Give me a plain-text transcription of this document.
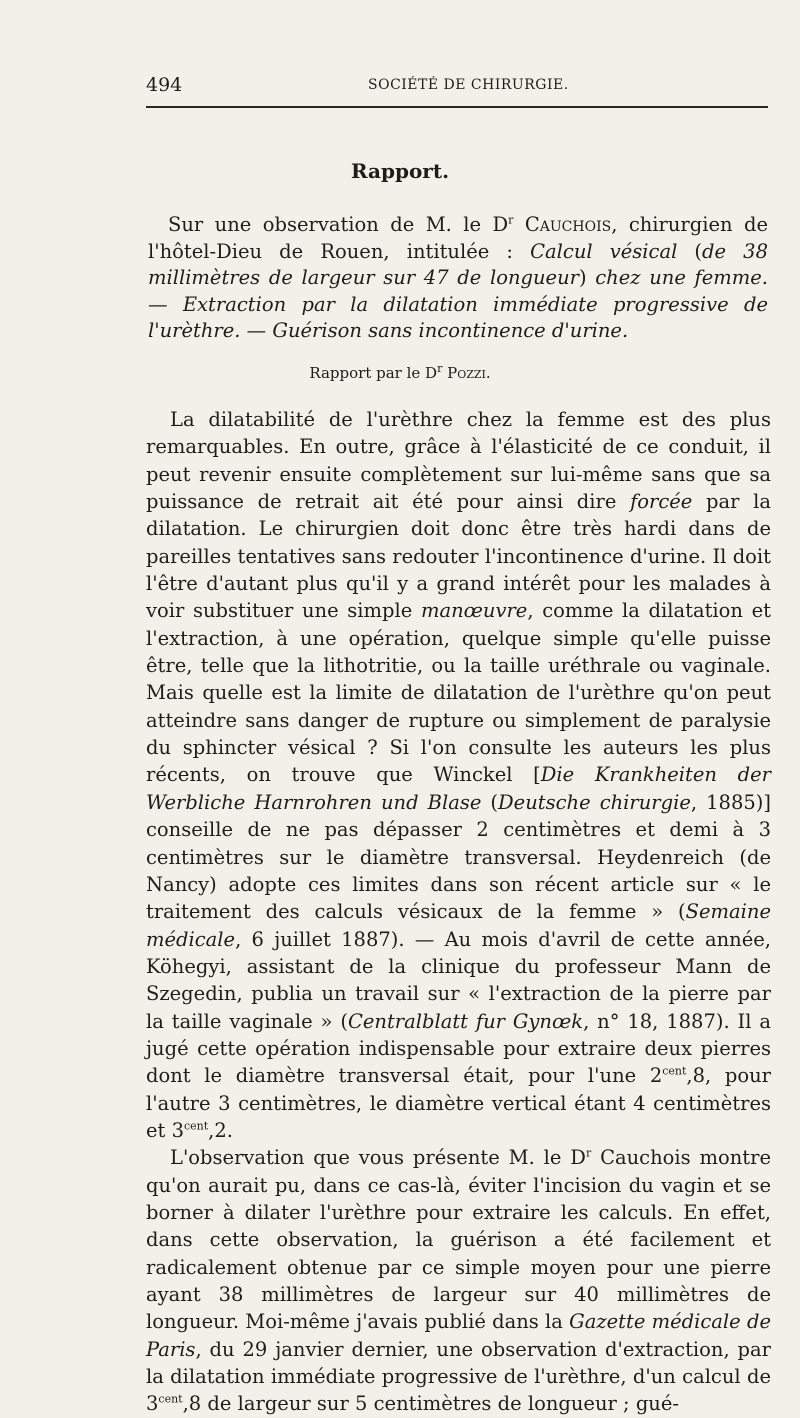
494	SOCIÉTÉ DE CHIRURGIE.
Rapport.
Sur une observation de M. le $D^r$ Cauchois, chirurgien de l'hôtel-Dieu de Rouen, intitulée : Calcul vésical (de 38 millimètres de largeur sur 47 de longueur) chez une femme. — Extraction par la dilatation immédiate progressive de l'urèthre. — Guérison sans incontinence d'urine.
Rapport par le $D^r$ Pozzi.

La dilatabilité de l'urèthre chez la femme est des plus remarquables. En outre, grâce à l'élasticité de ce conduit, il peut revenir ensuite complètement sur lui-même sans que sa puissance de retrait ait été pour ainsi dire forcée par la dilatation. Le chirurgien doit donc être très hardi dans de pareilles tentatives sans redouter l'incontinence d'urine. Il doit l'être d'autant plus qu'il y a grand intérêt pour les malades à voir substituer une simple manœuvre, comme la dilatation et l'extraction, à une opération, quelque simple qu'elle puisse être, telle que la lithotritie, ou la taille uréthrale ou vaginale. Mais quelle est la limite de dilatation de l'urèthre qu'on peut atteindre sans danger de rupture ou simplement de paralysie du sphincter vésical ? Si l'on consulte les auteurs les plus récents, on trouve que Winckel [Die Krankheiten der Werbliche Harnrohren und Blase (Deutsche chirurgie, 1885)] conseille de ne pas dépasser 2 centimètres et demi à 3 centimètres sur le diamètre transversal. Heydenreich (de Nancy) adopte ces limites dans son récent article sur « le traitement des calculs vésicaux de la femme » (Semaine médicale, 6 juillet 1887). — Au mois d'avril de cette année, Köhegyi, assistant de la clinique du professeur Mann de Szegedin, publia un travail sur « l'extraction de la pierre par la taille vaginale » (Centralblatt fur Gynœk, n° 18, 1887). Il a jugé cette opération indispensable pour extraire deux pierres dont le diamètre transversal était, pour l'une $2^{cent},8$, pour l'autre 3 centimètres, le diamètre vertical étant 4 centimètres et $3^{cent},2$.

L'observation que vous présente M. le $D^r$ Cauchois montre qu'on aurait pu, dans ce cas-là, éviter l'incision du vagin et se borner à dilater l'urèthre pour extraire les calculs. En effet, dans cette observation, la guérison a été facilement et radicalement obtenue par ce simple moyen pour une pierre ayant 38 millimètres de largeur sur 40 millimètres de longueur. Moi-même j'avais publié dans la Gazette médicale de Paris, du 29 janvier dernier, une observation d'extraction, par la dilatation immédiate progressive de l'urèthre, d'un calcul de $3^{cent},8$ de largeur sur 5 centimètres de longueur ; gué-
